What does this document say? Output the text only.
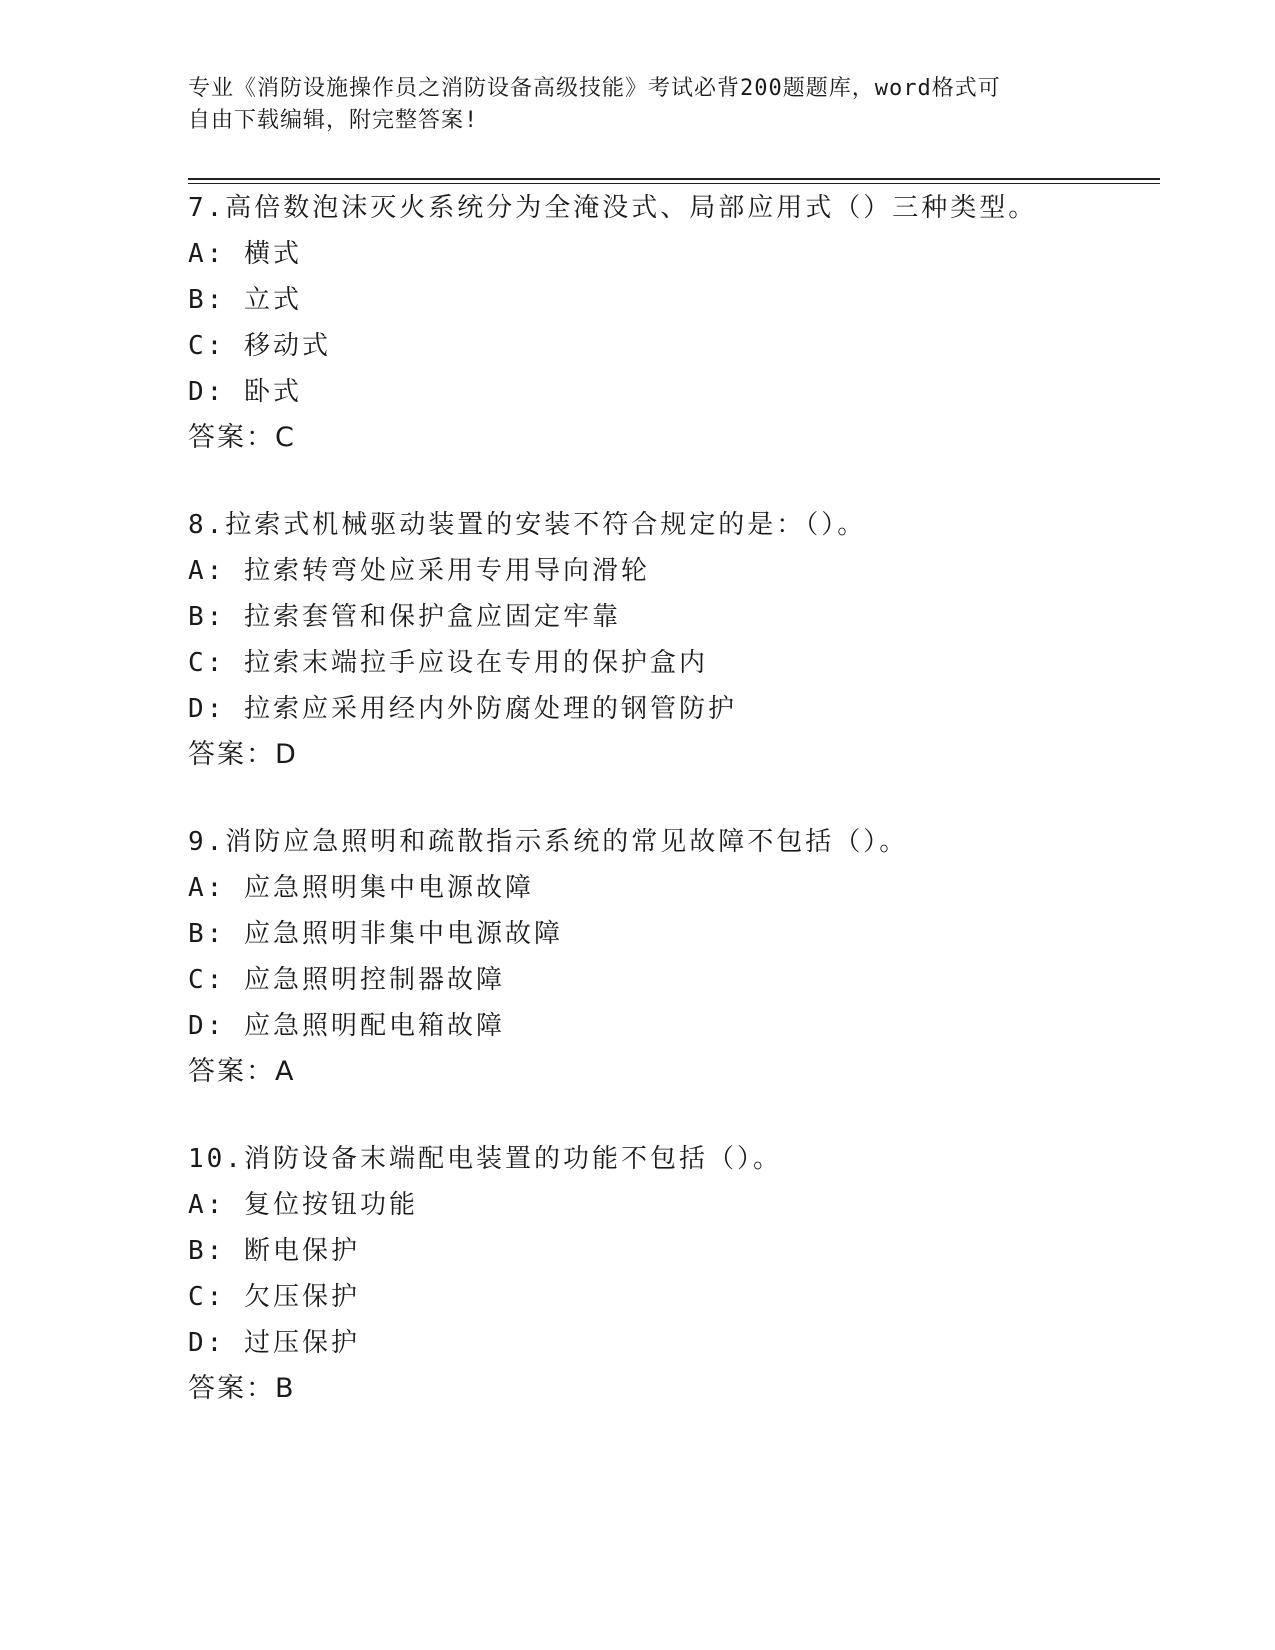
专业《消防设施操作员之消防设备高级技能》考试必背200题题库，word格式可
自由下载编辑，附完整答案!
7.高倍数泡沫灭火系统分为全淹没式、局部应用式（）三种类型。
A: 横式
B: 立式
C: 移动式
D: 卧式
答案：C
8.拉索式机械驱动装置的安装不符合规定的是：（）。
A: 拉索转弯处应采用专用导向滑轮
B: 拉索套管和保护盒应固定牢靠
C: 拉索末端拉手应设在专用的保护盒内
D: 拉索应采用经内外防腐处理的钢管防护
答案：D
9.消防应急照明和疏散指示系统的常见故障不包括（）。
A: 应急照明集中电源故障
B: 应急照明非集中电源故障
C: 应急照明控制器故障
D: 应急照明配电箱故障
答案：A
10.消防设备末端配电装置的功能不包括（）。
A: 复位按钮功能
B: 断电保护
C: 欠压保护
D: 过压保护
答案：B
